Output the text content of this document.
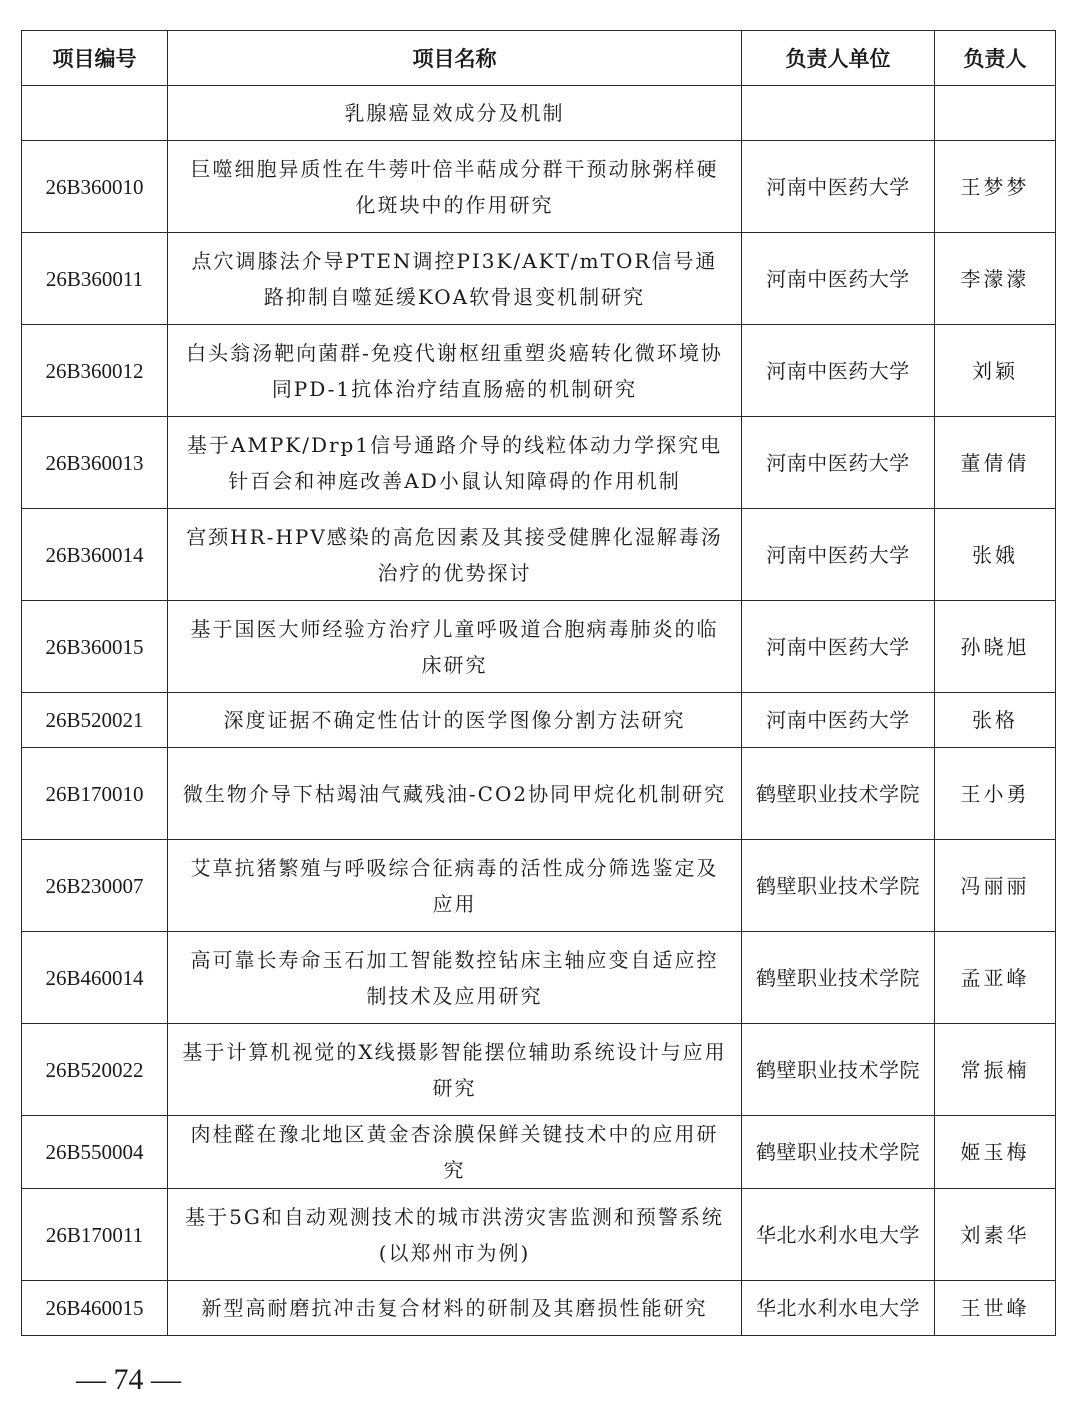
项目编号	项目名称	负责人单位	负责人
	乳腺癌显效成分及机制		
26B360010	巨噬细胞异质性在牛蒡叶倍半萜成分群干预动脉粥样硬化斑块中的作用研究	河南中医药大学	王梦梦
26B360011	点穴调膝法介导PTEN调控PI3K/AKT/mTOR信号通路抑制自噬延缓KOA软骨退变机制研究	河南中医药大学	李濛濛
26B360012	白头翁汤靶向菌群-免疫代谢枢纽重塑炎癌转化微环境协同PD-1抗体治疗结直肠癌的机制研究	河南中医药大学	刘颖
26B360013	基于AMPK/Drp1信号通路介导的线粒体动力学探究电针百会和神庭改善AD小鼠认知障碍的作用机制	河南中医药大学	董倩倩
26B360014	宫颈HR-HPV感染的高危因素及其接受健脾化湿解毒汤治疗的优势探讨	河南中医药大学	张娥
26B360015	基于国医大师经验方治疗儿童呼吸道合胞病毒肺炎的临床研究	河南中医药大学	孙晓旭
26B520021	深度证据不确定性估计的医学图像分割方法研究	河南中医药大学	张格
26B170010	微生物介导下枯竭油气藏残油-CO2协同甲烷化机制研究	鹤壁职业技术学院	王小勇
26B230007	艾草抗猪繁殖与呼吸综合征病毒的活性成分筛选鉴定及应用	鹤壁职业技术学院	冯丽丽
26B460014	高可靠长寿命玉石加工智能数控钻床主轴应变自适应控制技术及应用研究	鹤壁职业技术学院	孟亚峰
26B520022	基于计算机视觉的X线摄影智能摆位辅助系统设计与应用研究	鹤壁职业技术学院	常振楠
26B550004	肉桂醛在豫北地区黄金杏涂膜保鲜关键技术中的应用研究	鹤壁职业技术学院	姬玉梅
26B170011	基于5G和自动观测技术的城市洪涝灾害监测和预警系统(以郑州市为例)	华北水利水电大学	刘素华
26B460015	新型高耐磨抗冲击复合材料的研制及其磨损性能研究	华北水利水电大学	王世峰
— 74 —
